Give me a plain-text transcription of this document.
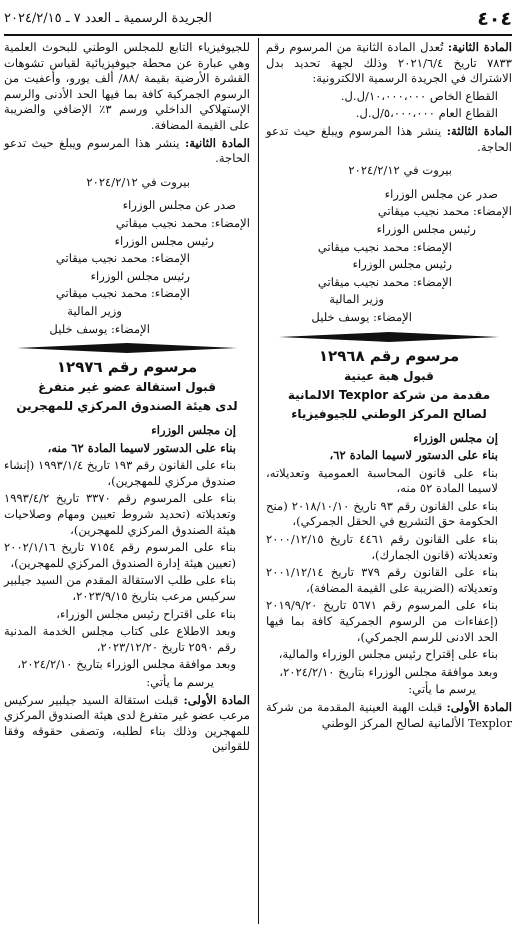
٤٠٤
الجريدة الرسمية ـ العدد ٧ ـ ٢٠٢٤/٢/١٥

المادة الثانية: تُعدل المادة الثانية من المرسوم رقم ٧٨٣٣ تاريخ ٢٠٢١/٦/٤ وذلك لجهة تحديد بدل الاشتراك في الجريدة الرسمية الالكترونية:

القطاع الخاص ١٠،٠٠٠،٠٠٠/ل.ل.

القطاع العام ٥،٠٠٠،٠٠٠/ل.ل.

المادة الثالثة: ينشر هذا المرسوم ويبلغ حيث تدعو الحاجة.

بيروت في ٢٠٢٤/٢/١٢

صدر عن مجلس الوزراء

الإمضاء: محمد نجيب ميقاتي

رئيس مجلس الوزراء

الإمضاء: محمد نجيب ميقاتي

رئيس مجلس الوزراء

الإمضاء: محمد نجيب ميقاتي

وزير المالية

الإمضاء: يوسف خليل

مرسوم رقم ١٢٩٦٨

قبول هبة عينية

مقدمة من شركة Texplor الالمانية

لصالح المركز الوطني للجيوفيزياء

إن مجلس الوزراء

بناء على الدستور لاسيما المادة ٦٢،

بناء على قانون المحاسبة العمومية وتعديلاته، لاسيما المادة ٥٢ منه،

بناء على القانون رقم ٩٣ تاريخ ٢٠١٨/١٠/١٠ (منح الحكومة حق التشريع في الحقل الجمركي)،

بناء على القانون رقم ٤٤٦١ تاريخ ٢٠٠٠/١٢/١٥ وتعديلاته (قانون الجمارك)،

بناء على القانون رقم ٣٧٩ تاريخ ٢٠٠١/١٢/١٤ وتعديلاته (الضريبة على القيمة المضافة)،

بناء على المرسوم رقم ٥٦٧١ تاريخ ٢٠١٩/٩/٢٠ (إعفاءات من الرسوم الجمركية كافة بما فيها الحد الادنى للرسم الجمركي)،

بناء على إقتراح رئيس مجلس الوزراء والمالية،

وبعد موافقة مجلس الوزراء بتاريخ ٢٠٢٤/٢/١٠،

يرسم ما يأتي:

المادة الأولى: قبلت الهبة العينية المقدمة من شركة Texplor الألمانية لصالح المركز الوطني

للجيوفيزياء التابع للمجلس الوطني للبحوث العلمية وهي عبارة عن محطة جيوفيزيائية لقياس تشوهات القشرة الأرضية بقيمة /٨٨/ ألف يورو، وأعفيت من الرسوم الجمركية كافة بما فيها الحد الأدنى والرسم الإستهلاكي الداخلي ورسم ٣٪ الإضافي والضريبة على القيمة المضافة.

المادة الثانية: ينشر هذا المرسوم ويبلغ حيث تدعو الحاجة.

بيروت في ٢٠٢٤/٢/١٢

صدر عن مجلس الوزراء

الإمضاء: محمد نجيب ميقاتي

رئيس مجلس الوزراء

الإمضاء: محمد نجيب ميقاتي

رئيس مجلس الوزراء

الإمضاء: محمد نجيب ميقاتي

وزير المالية

الإمضاء: يوسف خليل

مرسوم رقم ١٢٩٧٦

قبول استقالة عضو غير متفرغ

لدى هيئة الصندوق المركزي للمهجرين

إن مجلس الوزراء

بناء على الدستور لاسيما المادة ٦٢ منه،

بناء على القانون رقم ١٩٣ تاريخ ١٩٩٣/١/٤ (إنشاء صندوق مركزي للمهجرين)،

بناء على المرسوم رقم ٣٣٧٠ تاريخ ١٩٩٣/٤/٢ وتعديلاته (تحديد شروط تعيين ومهام وصلاحيات هيئة الصندوق المركزي للمهجرين)،

بناء على المرسوم رقم ٧١٥٤ تاريخ ٢٠٠٢/١/١٦ (تعيين هيئة إدارة الصندوق المركزي للمهجرين)،

بناء على طلب الاستقالة المقدم من السيد جيلبير سركيس مرعب بتاريخ ٢٠٢٣/٩/١٥،

بناء على اقتراح رئيس مجلس الوزراء،

وبعد الاطلاع على كتاب مجلس الخدمة المدنية رقم ٢٥٩٠ تاريخ ٢٠٢٣/١٢/٢٠،

وبعد موافقة مجلس الوزراء بتاريخ ٢٠٢٤/٢/١٠،

يرسم ما يأتي:

المادة الأولى: قبلت استقالة السيد جيلبير سركيس مرعب عضو غير متفرغ لدى هيئة الصندوق المركزي للمهجرين وذلك بناء لطلبه، وتصفى حقوقه وفقا للقوانين
